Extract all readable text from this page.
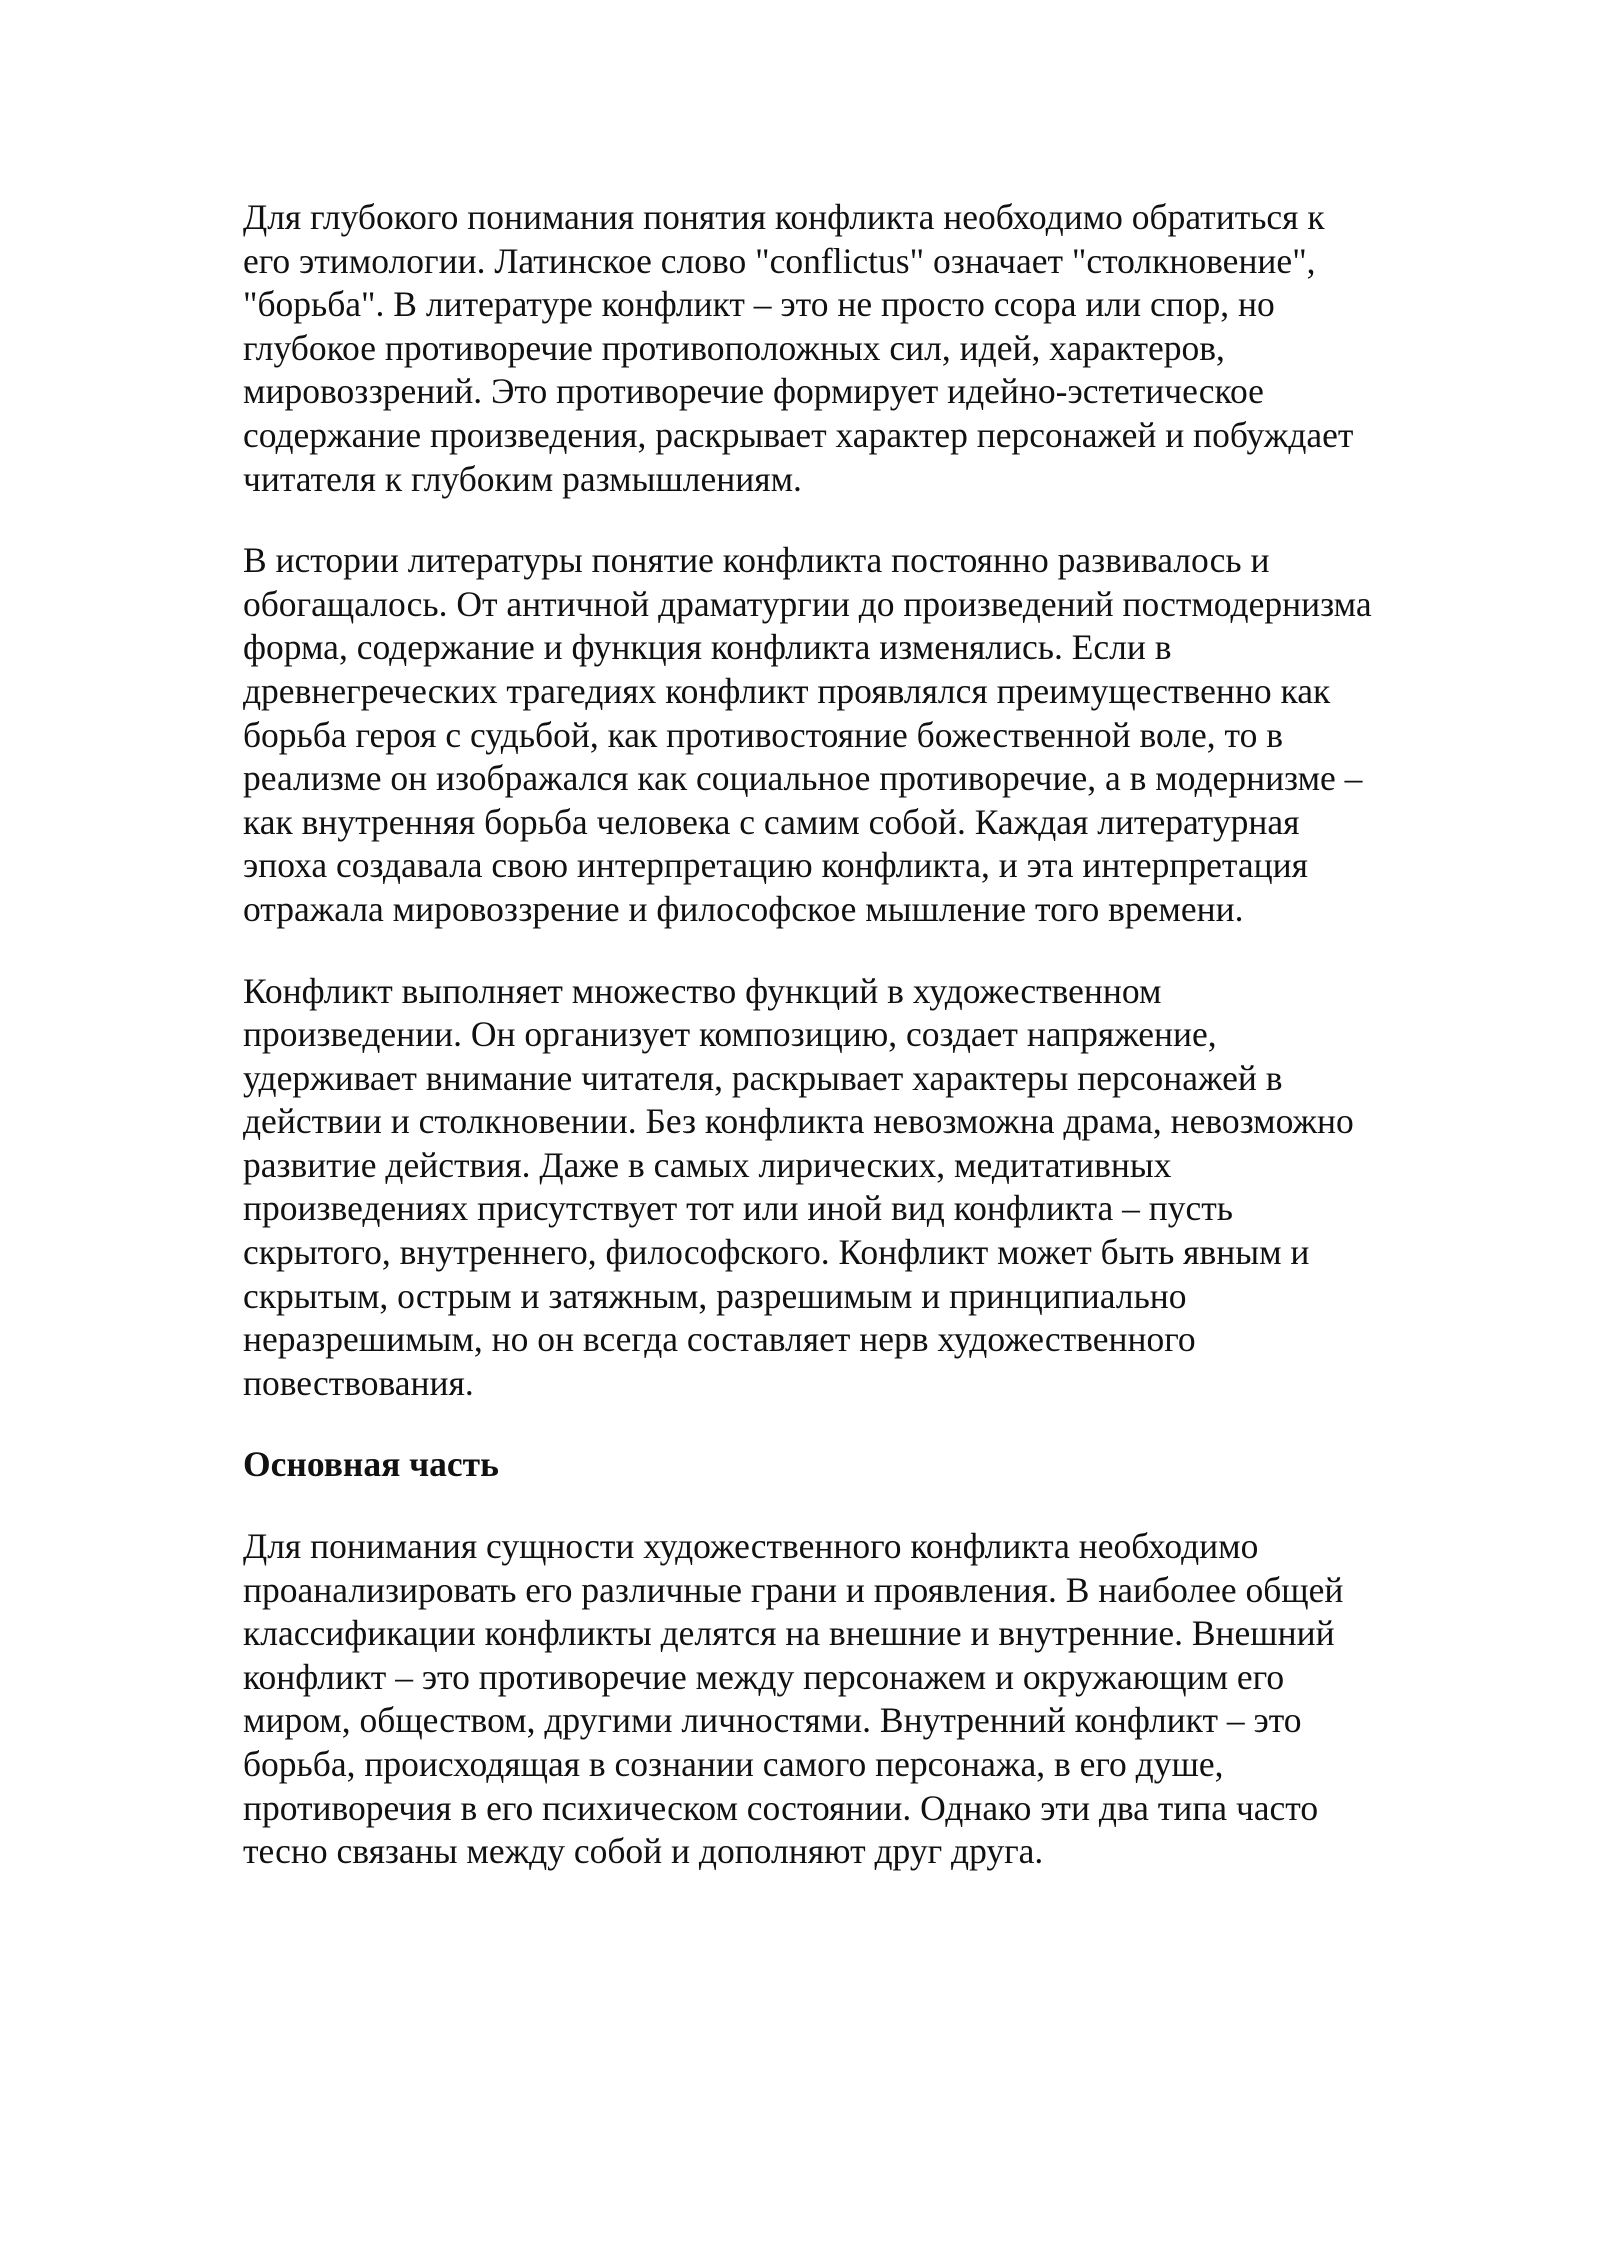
Для глубокого понимания понятия конфликта необходимо обратиться к его этимологии. Латинское слово "conflictus" означает "столкновение", "борьба". В литературе конфликт – это не просто ссора или спор, но глубокое противоречие противоположных сил, идей, характеров, мировоззрений. Это противоречие формирует идейно-эстетическое содержание произведения, раскрывает характер персонажей и побуждает читателя к глубоким размышлениям.

В истории литературы понятие конфликта постоянно развивалось и обогащалось. От античной драматургии до произведений постмодернизма форма, содержание и функция конфликта изменялись. Если в древнегреческих трагедиях конфликт проявлялся преимущественно как борьба героя с судьбой, как противостояние божественной воле, то в реализме он изображался как социальное противоречие, а в модернизме – как внутренняя борьба человека с самим собой. Каждая литературная эпоха создавала свою интерпретацию конфликта, и эта интерпретация отражала мировоззрение и философское мышление того времени.

Конфликт выполняет множество функций в художественном произведении. Он организует композицию, создает напряжение, удерживает внимание читателя, раскрывает характеры персонажей в действии и столкновении. Без конфликта невозможна драма, невозможно развитие действия. Даже в самых лирических, медитативных произведениях присутствует тот или иной вид конфликта – пусть скрытого, внутреннего, философского. Конфликт может быть явным и скрытым, острым и затяжным, разрешимым и принципиально неразрешимым, но он всегда составляет нерв художественного повествования.

Основная часть

Для понимания сущности художественного конфликта необходимо проанализировать его различные грани и проявления. В наиболее общей классификации конфликты делятся на внешние и внутренние. Внешний конфликт – это противоречие между персонажем и окружающим его миром, обществом, другими личностями. Внутренний конфликт – это борьба, происходящая в сознании самого персонажа, в его душе, противоречия в его психическом состоянии. Однако эти два типа часто тесно связаны между собой и дополняют друг друга.
